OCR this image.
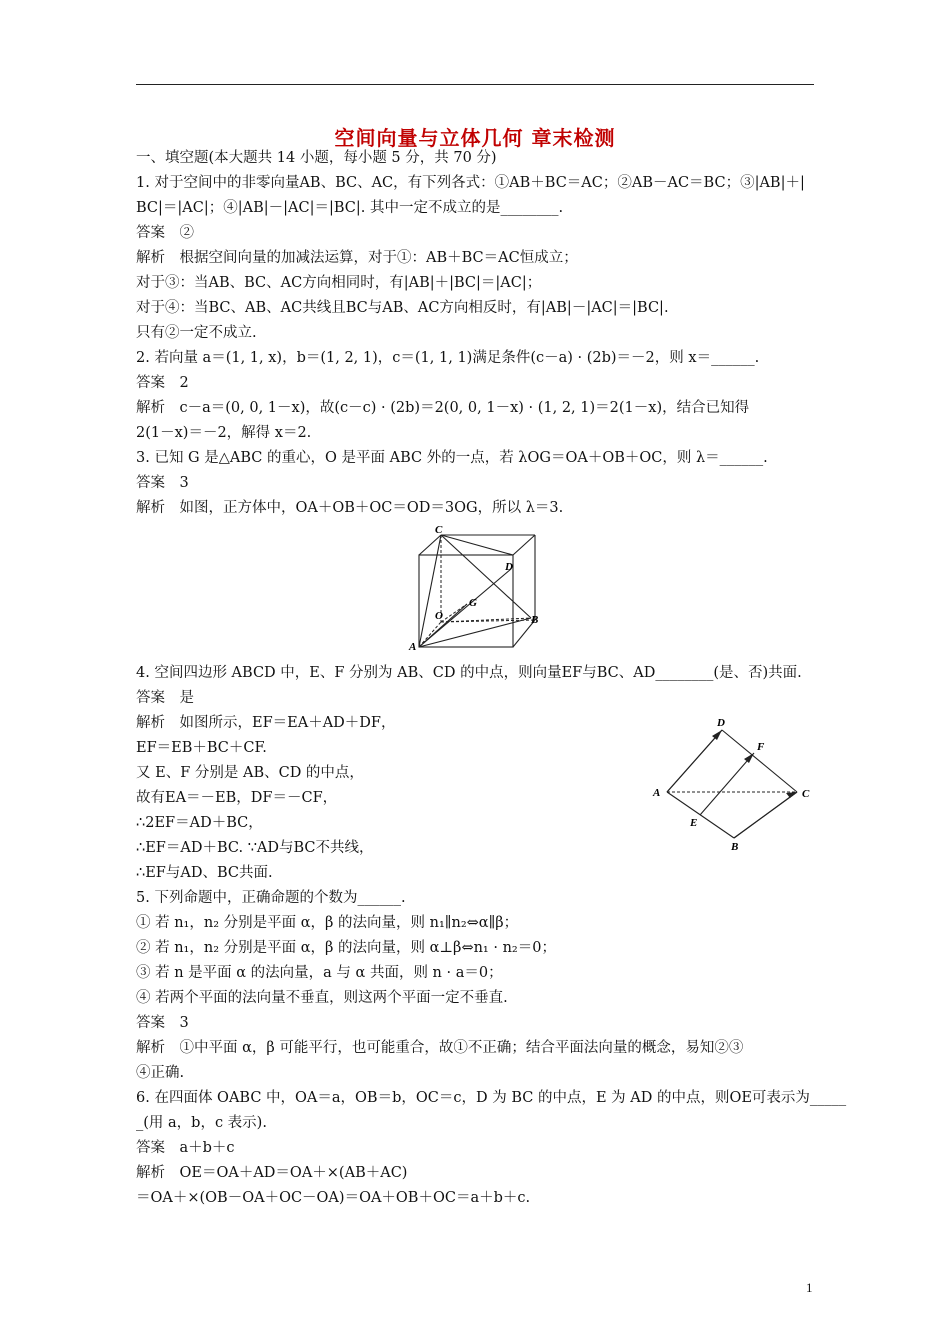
空间向量与立体几何 章末检测
一、填空题(本大题共 14 小题，每小题 5 分，共 70 分)
1. 对于空间中的非零向量AB、BC、AC，有下列各式：①AB＋BC＝AC；②AB－AC＝BC；③|AB|＋|
BC|＝|AC|；④|AB|－|AC|＝|BC|. 其中一定不成立的是________.
答案　②
解析　根据空间向量的加减法运算，对于①：AB＋BC＝AC恒成立；
对于③：当AB、BC、AC方向相同时，有|AB|＋|BC|＝|AC|；
对于④：当BC、AB、AC共线且BC与AB、AC方向相反时，有|AB|－|AC|＝|BC|.
只有②一定不成立.
2. 若向量 a＝(1, 1, x)，b＝(1, 2, 1)，c＝(1, 1, 1)满足条件(c－a) · (2b)＝－2，则 x＝______.
答案　2
解析　c－a＝(0, 0, 1－x)，故(c－c) · (2b)＝2(0, 0, 1－x) · (1, 2, 1)＝2(1－x)，结合已知得
2(1－x)＝－2，解得 x＝2.
3. 已知 G 是△ABC 的重心，O 是平面 ABC 外的一点，若 λOG＝OA＋OB＋OC，则 λ＝______.
答案　3
解析　如图，正方体中，OA＋OB＋OC＝OD＝3OG，所以 λ＝3.
C
D
O
G
B
A
4. 空间四边形 ABCD 中，E、F 分别为 AB、CD 的中点，则向量EF与BC、AD________(是、否)共面.
答案　是
解析　如图所示，EF＝EA＋AD＋DF，
EF＝EB＋BC＋CF.
又 E、F 分别是 AB、CD 的中点，
故有EA＝－EB，DF＝－CF，
∴2EF＝AD＋BC，
∴EF＝AD＋BC. ∵AD与BC不共线，
∴EF与AD、BC共面.
D
F
A	C
E
B
5. 下列命题中，正确命题的个数为______.
① 若 n₁，n₂ 分别是平面 α，β 的法向量，则 n₁∥n₂⇔α∥β；
② 若 n₁，n₂ 分别是平面 α，β 的法向量，则 α⊥β⇔n₁ · n₂＝0；
③ 若 n 是平面 α 的法向量，a 与 α 共面，则 n · a＝0；
④ 若两个平面的法向量不垂直，则这两个平面一定不垂直.
答案　3
解析　①中平面 α，β 可能平行，也可能重合，故①不正确；结合平面法向量的概念，易知②③
④正确.
6. 在四面体 OABC 中，OA＝a，OB＝b，OC＝c，D 为 BC 的中点，E 为 AD 的中点，则OE可表示为_____
_(用 a，b，c 表示).
答案　a＋b＋c
解析　OE＝OA＋AD＝OA＋×(AB＋AC)
＝OA＋×(OB－OA＋OC－OA)＝OA＋OB＋OC＝a＋b＋c.
1
